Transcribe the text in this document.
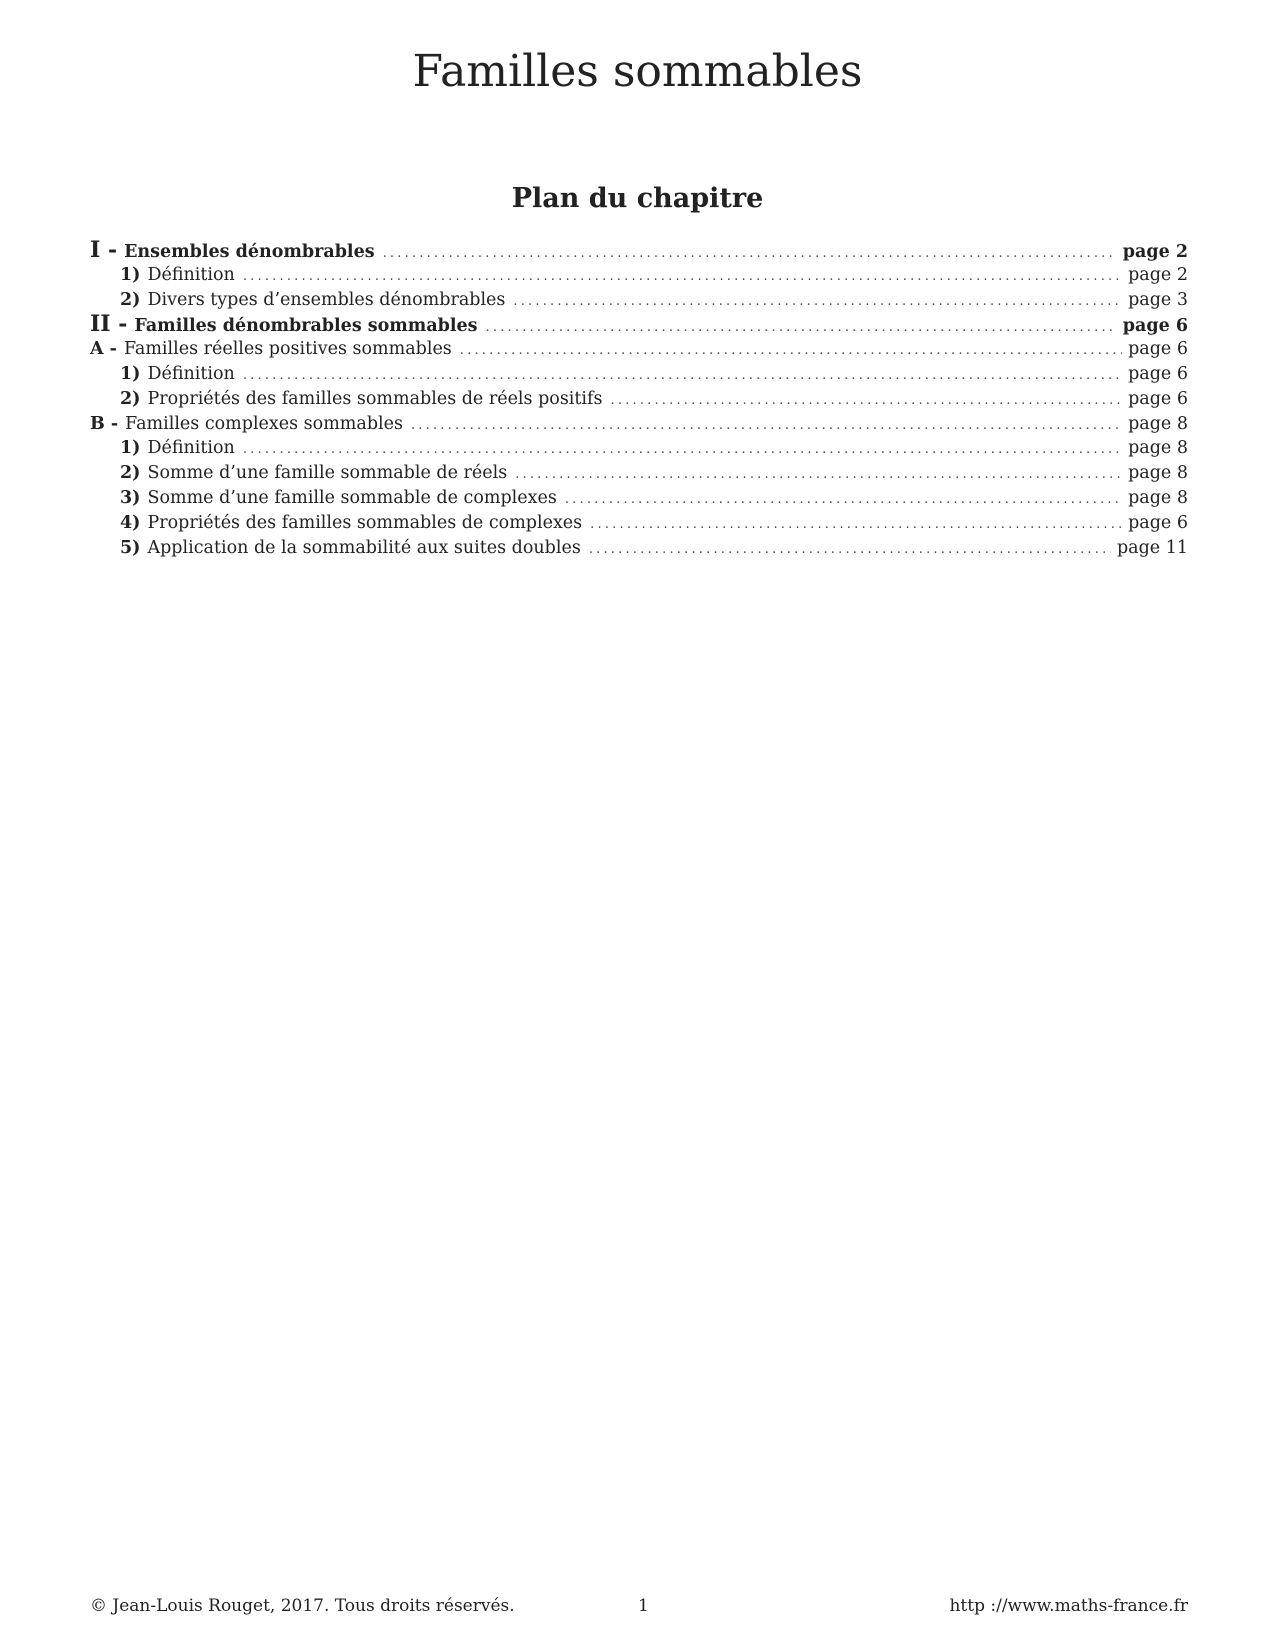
Familles sommables
Plan du chapitre
I - Ensembles dénombrables .....	page 2
1) Définition .....	page 2
2) Divers types d’ensembles dénombrables .....	page 3
II - Familles dénombrables sommables .....	page 6
A - Familles réelles positives sommables .....	page 6
1) Définition .....	page 6
2) Propriétés des familles sommables de réels positifs .....	page 6
B - Familles complexes sommables .....	page 8
1) Définition .....	page 8
2) Somme d’une famille sommable de réels .....	page 8
3) Somme d’une famille sommable de complexes .....	page 8
4) Propriétés des familles sommables de complexes .....	page 6
5) Application de la sommabilité aux suites doubles .....	page 11
© Jean-Louis Rouget, 2017. Tous droits réservés.	1	http ://www.maths-france.fr
